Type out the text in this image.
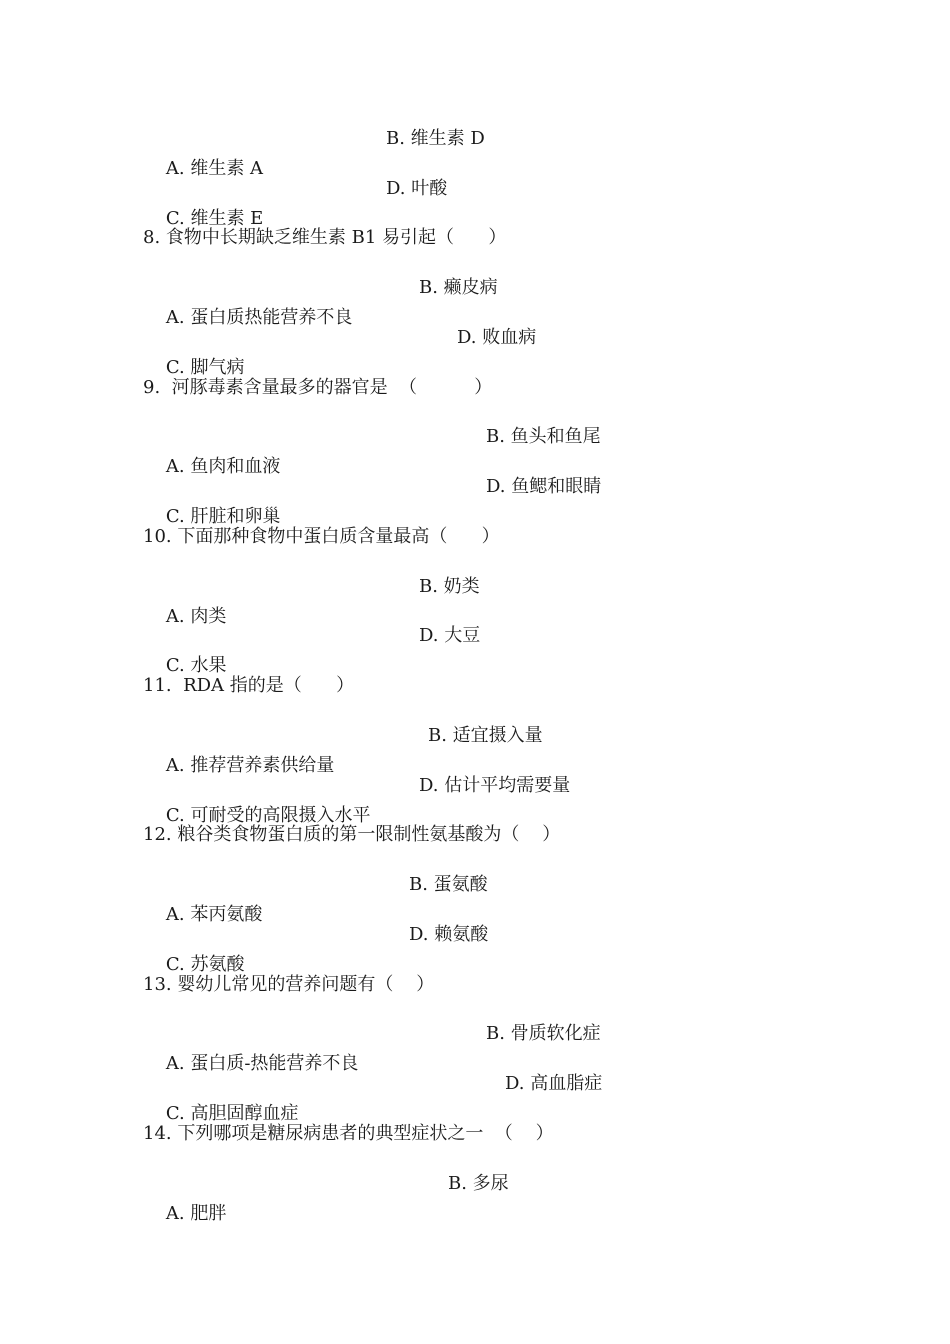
A. 维生素 A

B. 维生素 D

C. 维生素 E

D. 叶酸

8. 食物中长期缺乏维生素 B1 易引起（      ）

A. 蛋白质热能营养不良

B. 癞皮病

C. 脚气病

D. 败血病

9.  河豚毒素含量最多的器官是  （          ）

A. 鱼肉和血液

B. 鱼头和鱼尾

C. 肝脏和卵巢

D. 鱼鳃和眼睛

10. 下面那种食物中蛋白质含量最高（      ）

A. 肉类

B. 奶类

C. 水果

D. 大豆

11.  RDA 指的是（      ）

A. 推荐营养素供给量

B. 适宜摄入量

C. 可耐受的高限摄入水平

D. 估计平均需要量

12. 粮谷类食物蛋白质的第一限制性氨基酸为（    ）

A. 苯丙氨酸

B. 蛋氨酸

C. 苏氨酸

D. 赖氨酸

13. 婴幼儿常见的营养问题有（    ）

A. 蛋白质-热能营养不良

B. 骨质软化症

C. 高胆固醇血症

D. 高血脂症

14. 下列哪项是糖尿病患者的典型症状之一  （    ）

A. 肥胖

B. 多尿
